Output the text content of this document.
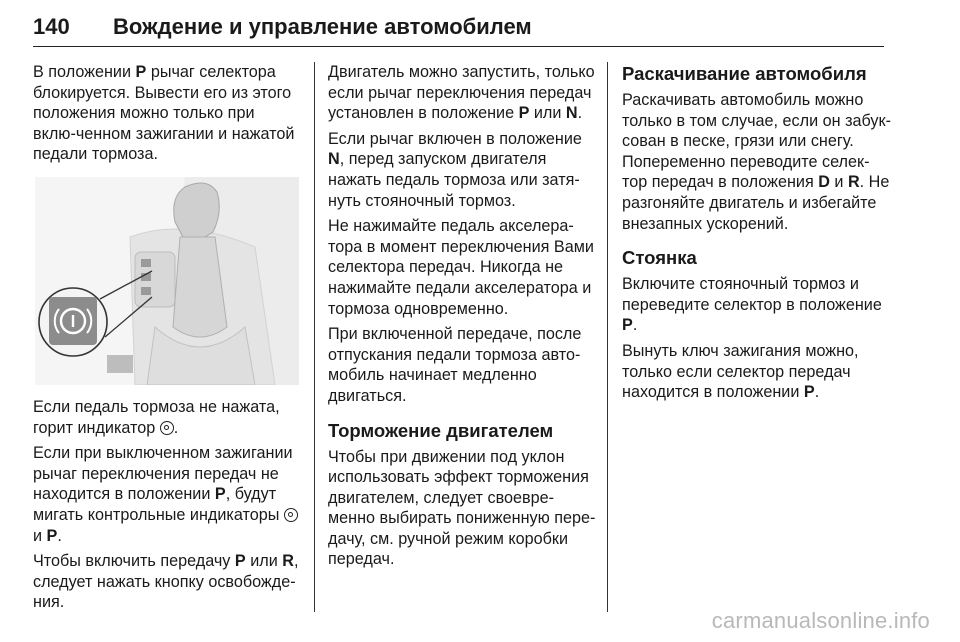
140 Вождение и управление автомобилем

В положении P рычаг селектора блокируется. Вывести его из этого положения можно только при вклю‐ченном зажигании и нажатой педали тормоза.

Если педаль тормоза не нажата, горит индикатор .

Если при выключенном зажигании рычаг переключения передач не находится в положении P, будут мигать контрольные индикаторы  и P.

Чтобы включить передачу P или R, следует нажать кнопку освобожде‐ния.

Двигатель можно запустить, только если рычаг переключения передач установлен в положение P или N.

Если рычаг включен в положение N, перед запуском двигателя нажать педаль тормоза или затя‐нуть стояночный тормоз.

Не нажимайте педаль акселера‐тора в момент переключения Вами селектора передач. Никогда не нажимайте педали акселератора и тормоза одновременно.

При включенной передаче, после отпускания педали тормоза авто‐мобиль начинает медленно двигаться.

Торможение двигателем

Чтобы при движении под уклон использовать эффект торможения двигателем, следует своевре‐менно выбирать пониженную пере‐дачу, см. ручной режим коробки передач.

Раскачивание автомобиля

Раскачивать автомобиль можно только в том случае, если он забук‐сован в песке, грязи или снегу. Попеременно переводите селек‐тор передач в положения D и R. Не разгоняйте двигатель и избегайте внезапных ускорений.

Стоянка

Включите стояночный тормоз и переведите селектор в положение P.

Вынуть ключ зажигания можно, только если селектор передач находится в положении P.

carmanualsonline.info
